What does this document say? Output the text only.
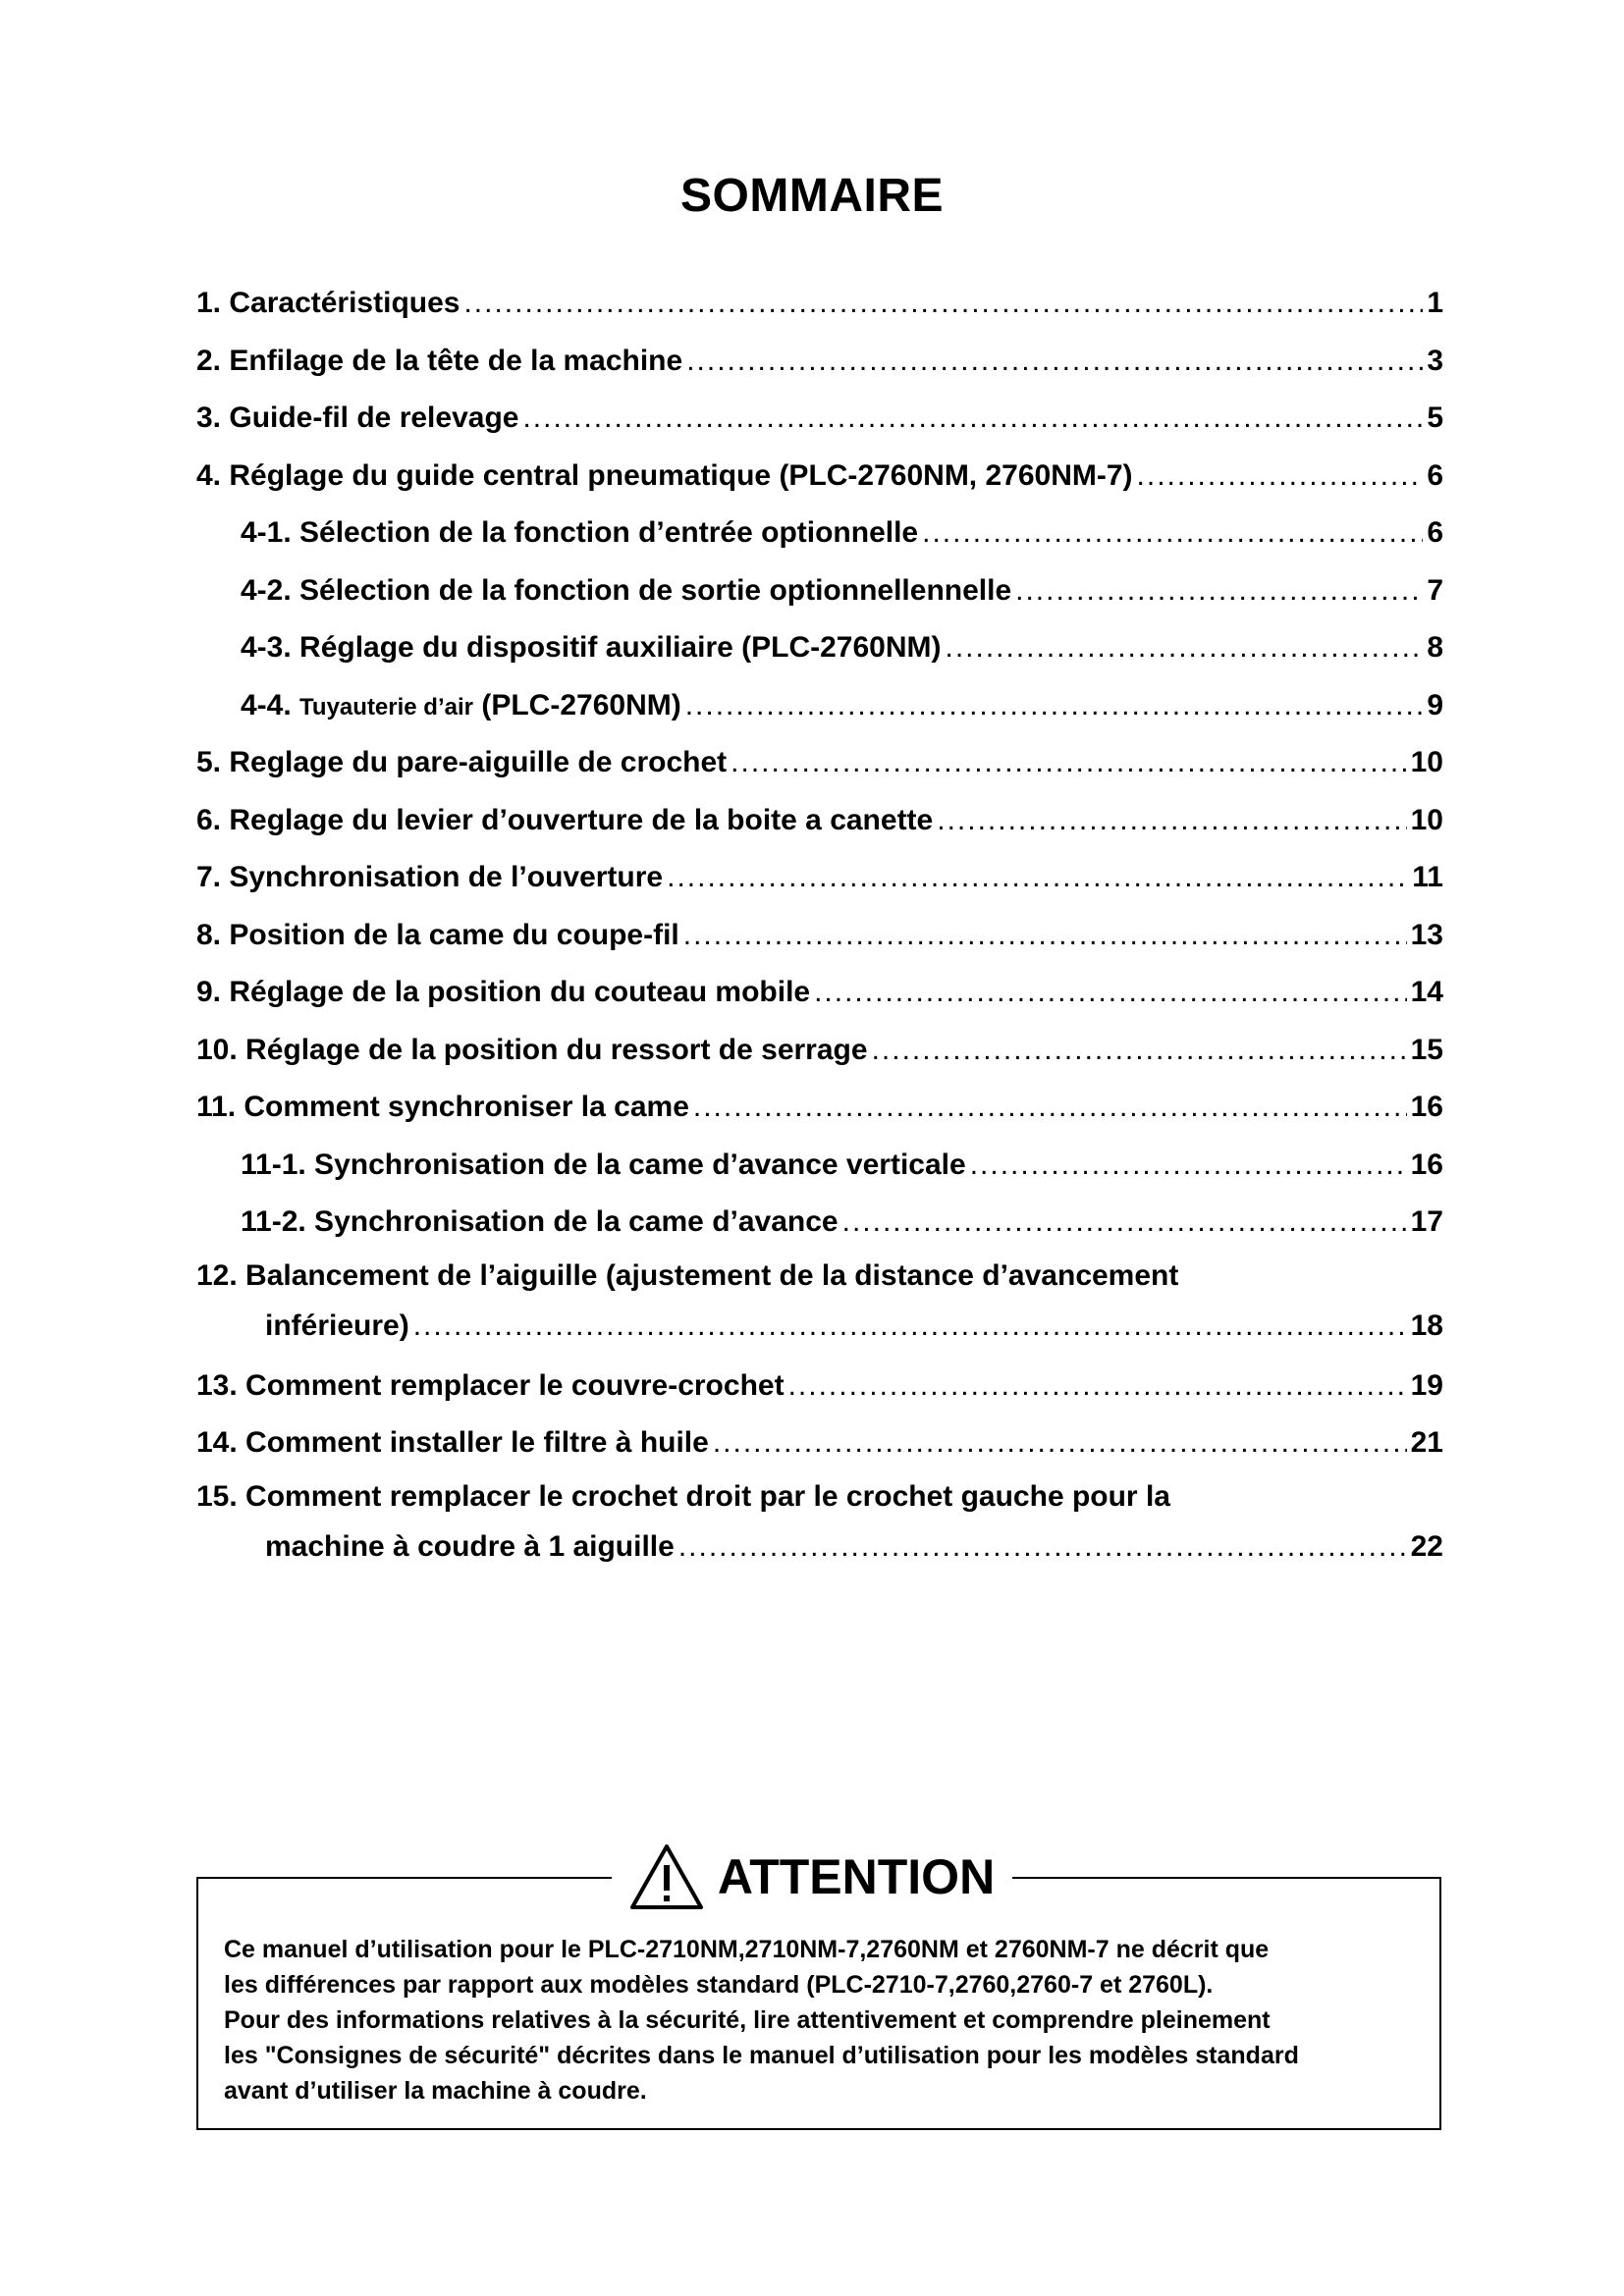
SOMMAIRE
1. Caractéristiques .....	1
2. Enfilage de la tête de la machine .....	3
3. Guide-fil de relevage .....	5
4. Réglage du guide central pneumatique (PLC-2760NM, 2760NM-7) .....	6
4-1. Sélection de la fonction d’entrée optionnelle .....	6
4-2. Sélection de la fonction de sortie optionnellennelle .....	7
4-3. Réglage du dispositif auxiliaire (PLC-2760NM) .....	8
4-4. Tuyauterie d’air (PLC-2760NM) .....	9
5. Reglage du pare-aiguille de crochet .....	10
6. Reglage du levier d’ouverture de la boite a canette .....	10
7. Synchronisation de l’ouverture .....	11
8. Position de la came du coupe-fil .....	13
9. Réglage de la position du couteau mobile .....	14
10. Réglage de la position du ressort de serrage .....	15
11. Comment synchroniser la came .....	16
11-1. Synchronisation de la came d’avance verticale .....	16
11-2. Synchronisation de la came d’avance .....	17
12. Balancement de l’aiguille (ajustement de la distance d’avancement
inférieure) .....	18
13. Comment remplacer le couvre-crochet .....	19
14. Comment installer le filtre à huile .....	21
15. Comment remplacer le crochet droit par le crochet gauche pour la
machine à coudre à 1 aiguille .....	22
ATTENTION

Ce manuel d’utilisation pour le PLC-2710NM,2710NM-7,2760NM et 2760NM-7 ne décrit que

les différences par rapport aux modèles standard (PLC-2710-7,2760,2760-7 et 2760L).

Pour des informations relatives à la sécurité, lire attentivement et comprendre pleinement

les "Consignes de sécurité" décrites dans le manuel d’utilisation pour les modèles standard

avant d’utiliser la machine à coudre.
